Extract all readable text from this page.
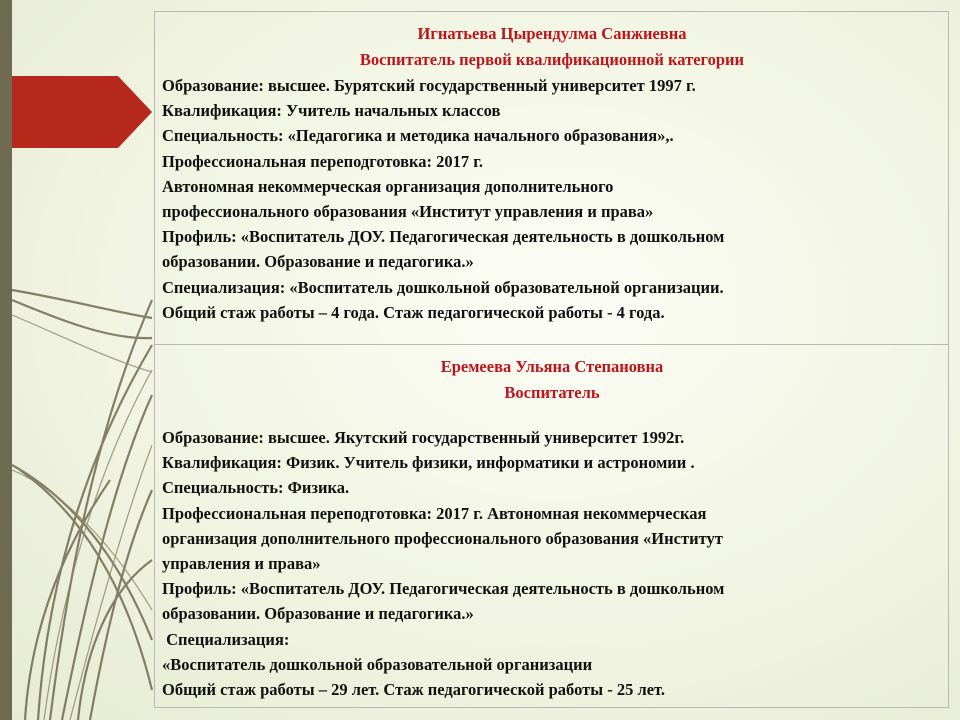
Игнатьева Цырендулма Санжиевна

Воспитатель первой квалификационной категории

Образование: высшее. Бурятский государственный университет 1997 г.

Квалификация: Учитель начальных классов

Специальность: «Педагогика и методика начального образования»,.

Профессиональная переподготовка: 2017 г.

Автономная некоммерческая организация дополнительного

профессионального образования «Институт управления и права»

Профиль: «Воспитатель ДОУ. Педагогическая деятельность в дошкольном

образовании. Образование и педагогика.»

Специализация: «Воспитатель дошкольной образовательной организации.

Общий стаж работы – 4 года. Стаж педагогической работы - 4 года.

Еремеева Ульяна Степановна

Воспитатель

Образование: высшее. Якутский государственный университет 1992г.

Квалификация: Физик. Учитель физики, информатики и астрономии .

Специальность: Физика.

Профессиональная переподготовка: 2017 г. Автономная некоммерческая

организация дополнительного профессионального образования «Институт

управления и права»

Профиль: «Воспитатель ДОУ. Педагогическая деятельность в дошкольном

образовании. Образование и педагогика.»

Специализация:

«Воспитатель дошкольной образовательной организации

Общий стаж работы – 29 лет. Стаж педагогической работы - 25 лет.
